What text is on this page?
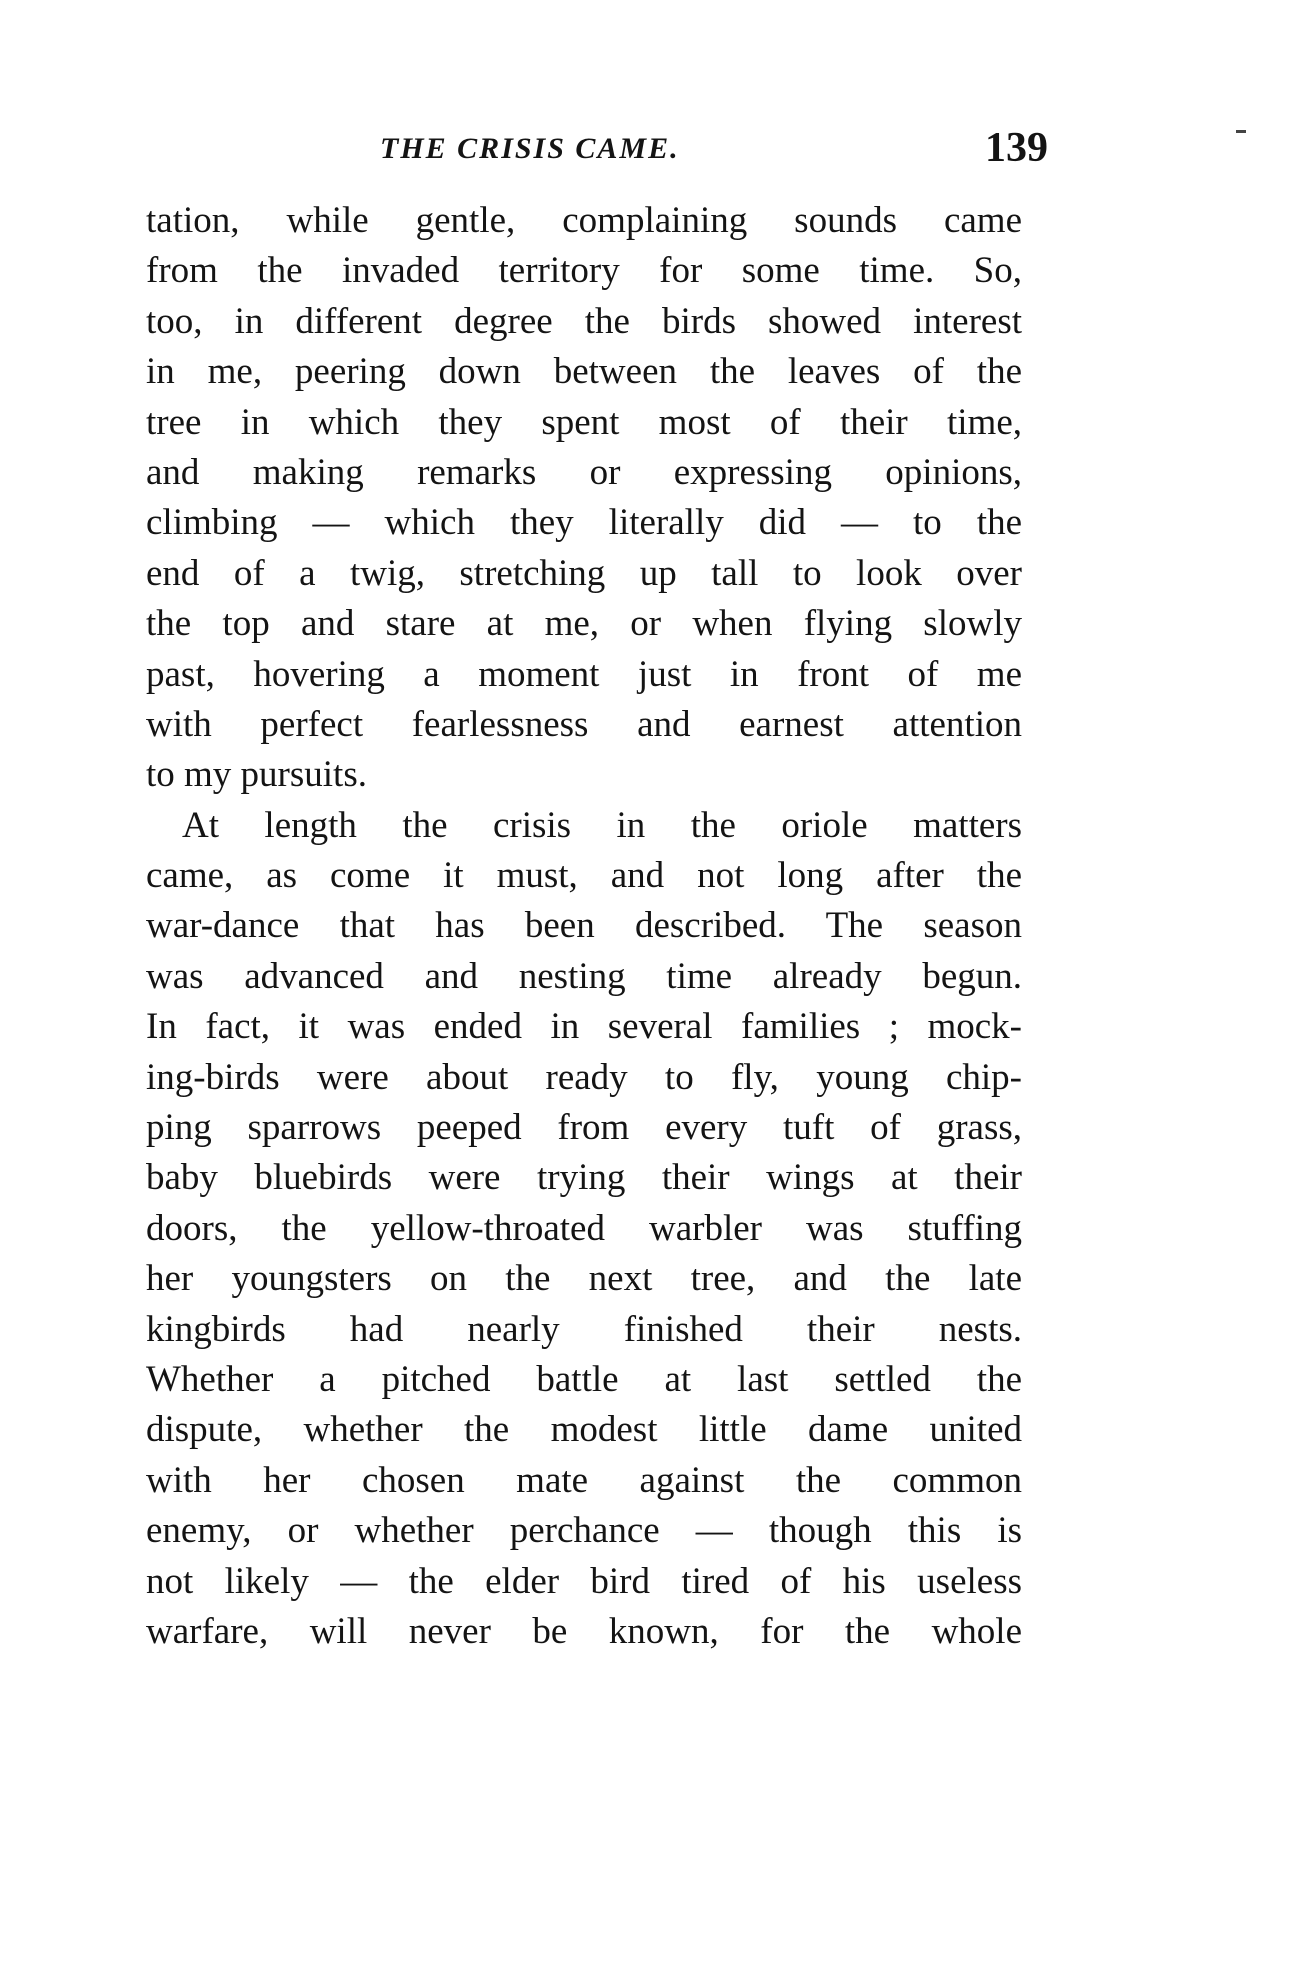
THE CRISIS CAME.	139
tation, while gentle, complaining sounds came
from the invaded territory for some time. So,
too, in different degree the birds showed interest
in me, peering down between the leaves of the
tree in which they spent most of their time,
and making remarks or expressing opinions,
climbing — which they literally did — to the
end of a twig, stretching up tall to look over
the top and stare at me, or when flying slowly
past, hovering a moment just in front of me
with perfect fearlessness and earnest attention
to my pursuits.
At length the crisis in the oriole matters
came, as come it must, and not long after the
war-dance that has been described. The season
was advanced and nesting time already begun.
In fact, it was ended in several families ; mock-
ing-birds were about ready to fly, young chip-
ping sparrows peeped from every tuft of grass,
baby bluebirds were trying their wings at their
doors, the yellow-throated warbler was stuffing
her youngsters on the next tree, and the late
kingbirds had nearly finished their nests.
Whether a pitched battle at last settled the
dispute, whether the modest little dame united
with her chosen mate against the common
enemy, or whether perchance — though this is
not likely — the elder bird tired of his useless
warfare, will never be known, for the whole
